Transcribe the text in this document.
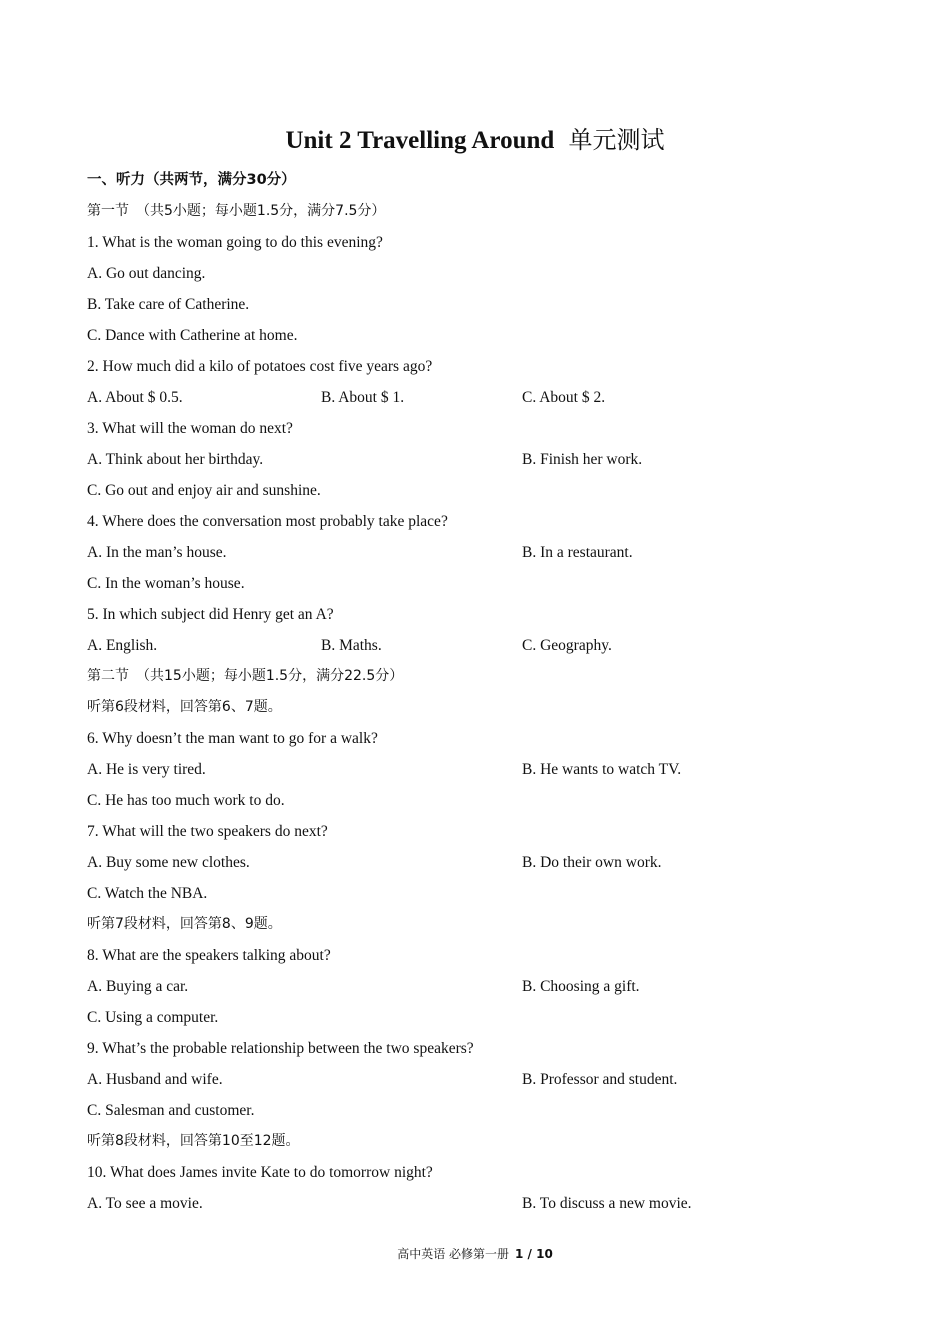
Unit 2 Travelling Around 单元测试
一、听力（共两节，满分30分）
第一节　（共5小题；每小题1.5分，满分7.5分）
1. What is the woman going to do this evening?
A. Go out dancing.
B. Take care of Catherine.
C. Dance with Catherine at home.
2. How much did a kilo of potatoes cost five years ago?
A. About $ 0.5.	B. About $ 1.	C. About $ 2.
3. What will the woman do next?
A. Think about her birthday.	B. Finish her work.
C. Go out and enjoy air and sunshine.
4. Where does the conversation most probably take place?
A. In the man’s house.	B. In a restaurant.
C. In the woman’s house.
5. In which subject did Henry get an A?
A. English.	B. Maths.	C. Geography.
第二节　（共15小题；每小题1.5分，满分22.5分）
听第6段材料，回答第6、7题。
6. Why doesn’t the man want to go for a walk?
A. He is very tired.	B. He wants to watch TV.
C. He has too much work to do.
7. What will the two speakers do next?
A. Buy some new clothes.	B. Do their own work.
C. Watch the NBA.
听第7段材料，回答第8、9题。
8. What are the speakers talking about?
A. Buying a car.	B. Choosing a gift.
C. Using a computer.
9. What’s the probable relationship between the two speakers?
A. Husband and wife.	B. Professor and student.
C. Salesman and customer.
听第8段材料，回答第10至12题。
10. What does James invite Kate to do tomorrow night?
A. To see a movie.	B. To discuss a new movie.
高中英语 必修第一册 1 / 10
